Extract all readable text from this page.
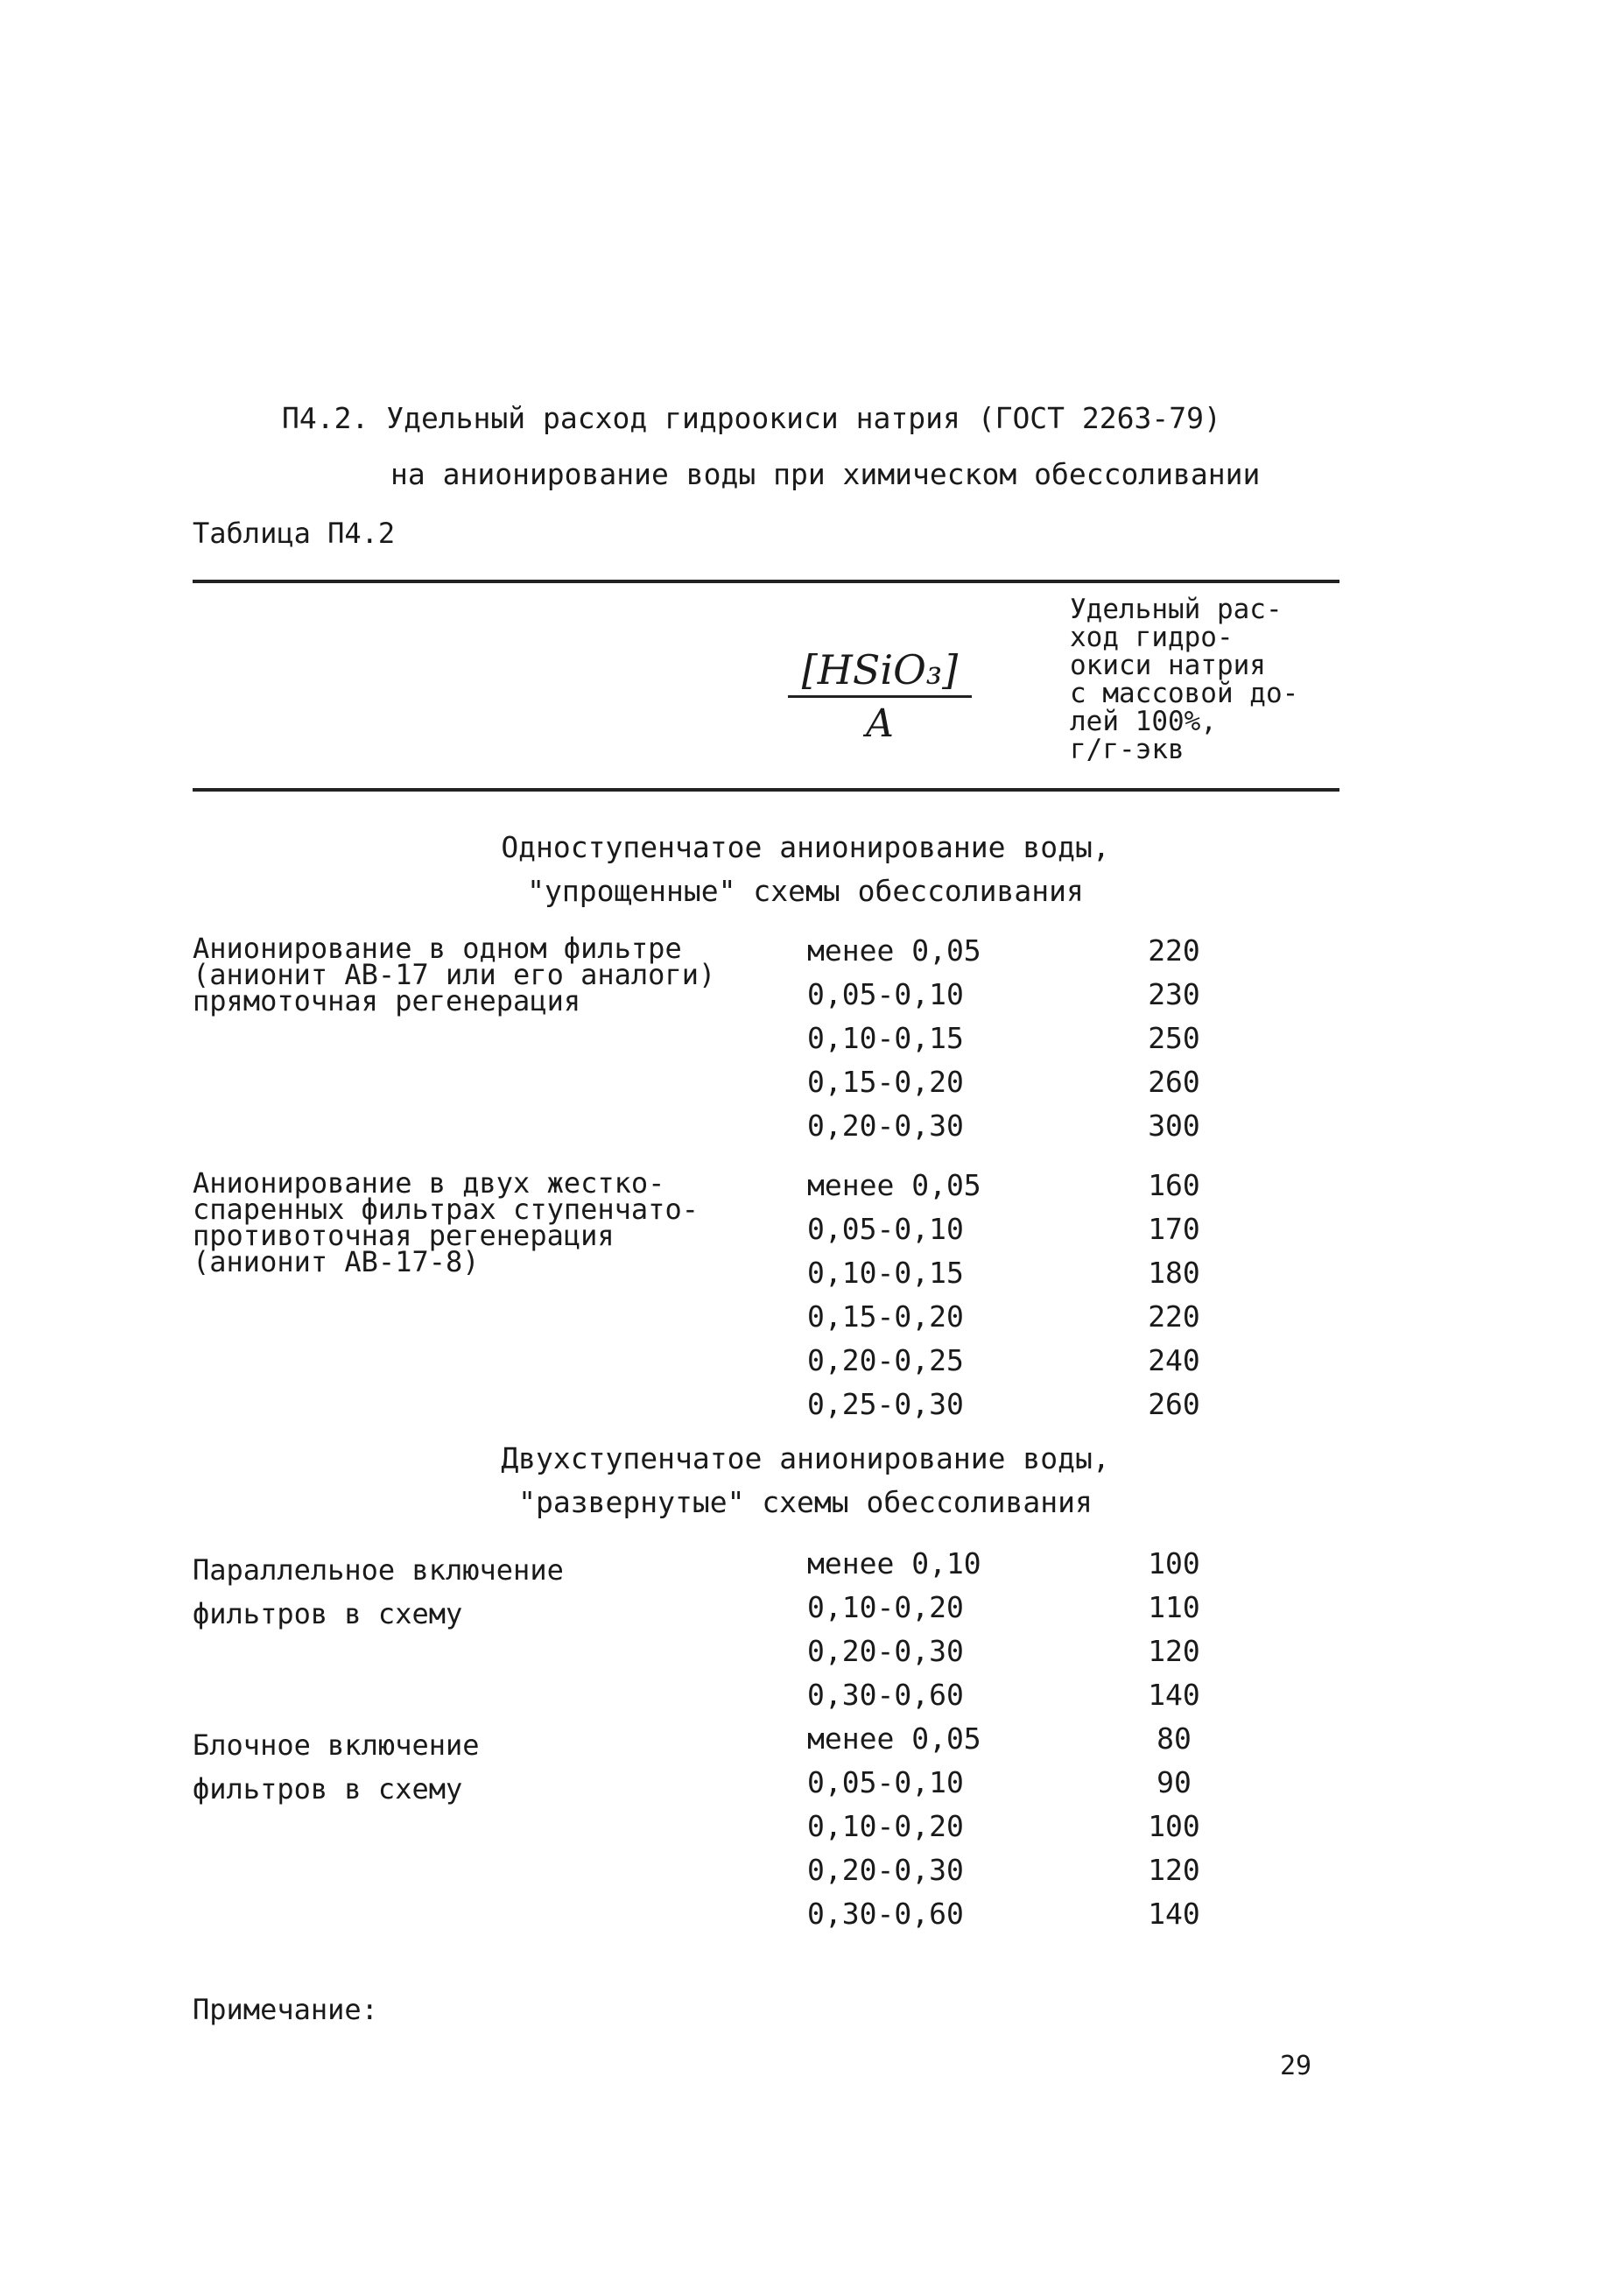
П4.2. Удельный расход гидроокиси натрия (ГОСТ 2263-79)
на анионирование воды при химическом обессоливании
Таблица П4.2
[HSiO₃]
A
Удельный рас-
ход гидро-
окиси натрия
с массовой до-
лей 100%,
г/г-экв
Одноступенчатое анионирование воды,
"упрощенные" схемы обессоливания
Анионирование в одном фильтре
(анионит АВ-17 или его аналоги)
прямоточная регенерация
менее 0,05	220
0,05-0,10	230
0,10-0,15	250
0,15-0,20	260
0,20-0,30	300
Анионирование в двух жестко-
спаренных фильтрах ступенчато-
противоточная регенерация
(анионит АВ-17-8)
менее 0,05	160
0,05-0,10	170
0,10-0,15	180
0,15-0,20	220
0,20-0,25	240
0,25-0,30	260
Двухступенчатое анионирование воды,
"развернутые" схемы обессоливания
Параллельное включение
фильтров в схему
менее 0,10	100
0,10-0,20	110
0,20-0,30	120
0,30-0,60	140
Блочное включение
фильтров в схему
менее 0,05	80
0,05-0,10	90
0,10-0,20	100
0,20-0,30	120
0,30-0,60	140
Примечание:
29
